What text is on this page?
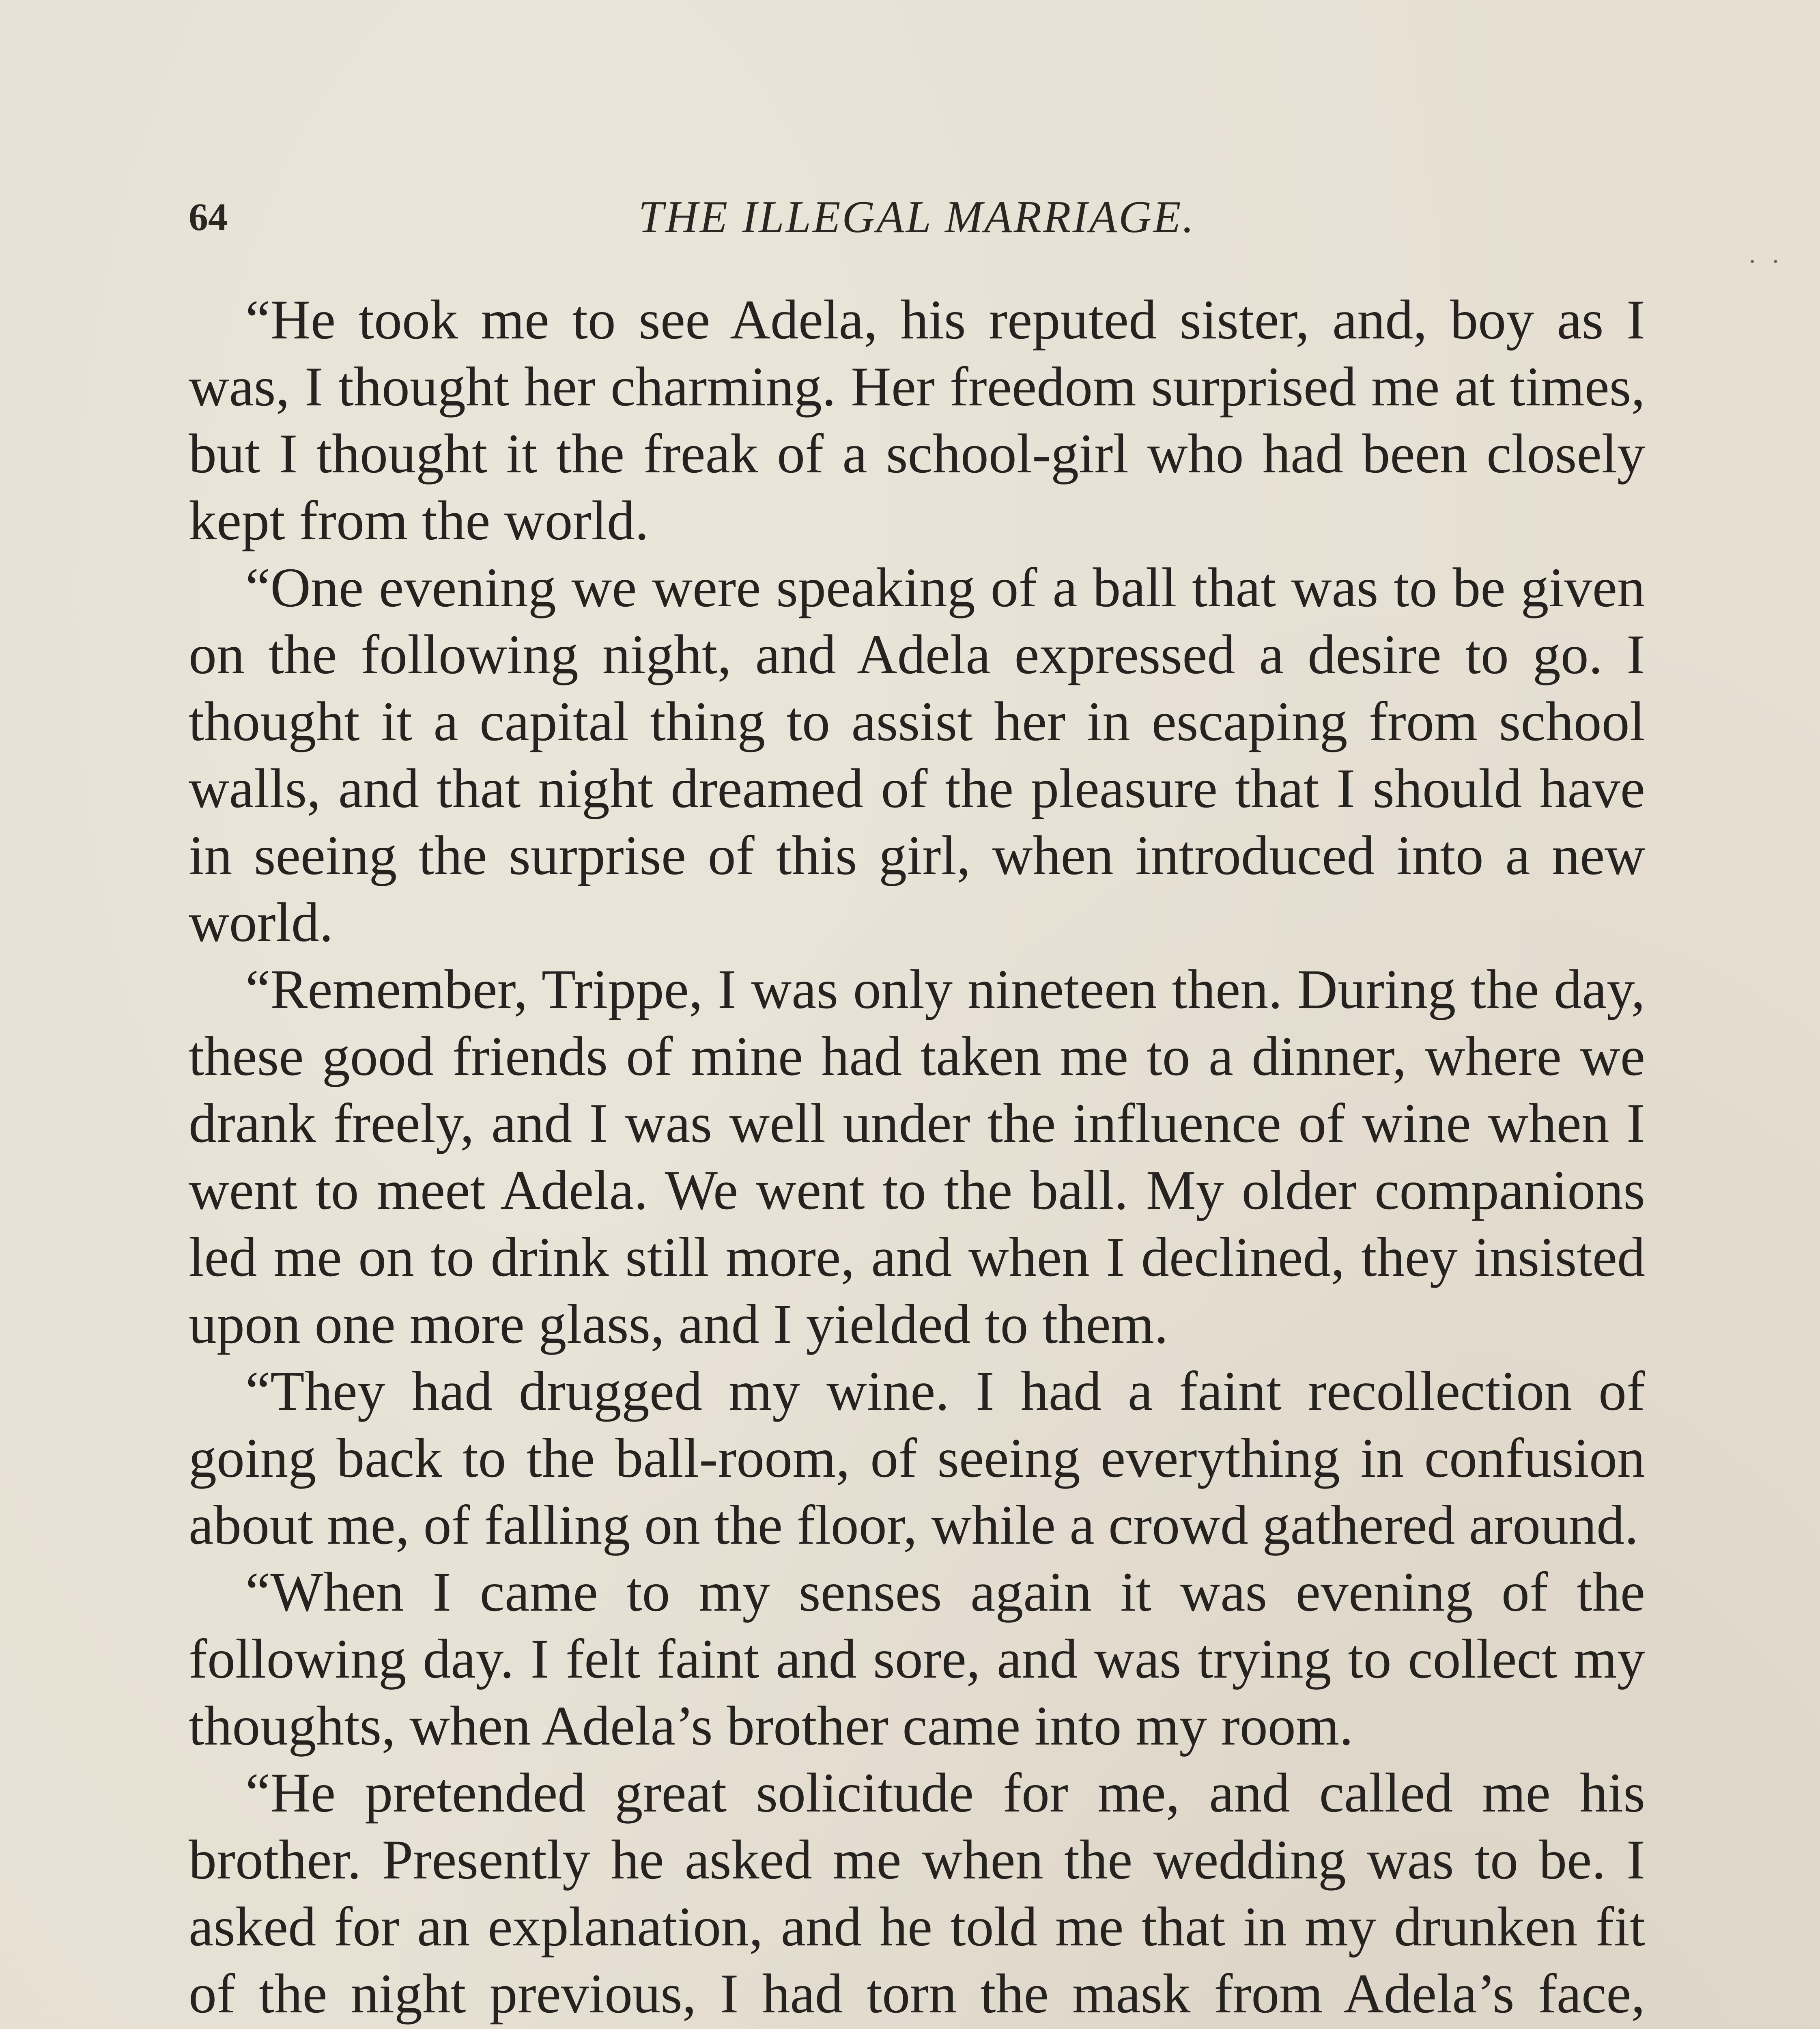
64	THE ILLEGAL MARRIAGE.
·  ·

“He took me to see Adela, his reputed sister, and, boy as I was, I thought her charming. Her freedom surprised me at times, but I thought it the freak of a school-girl who had been closely kept from the world.

“One evening we were speaking of a ball that was to be given on the following night, and Adela expressed a desire to go. I thought it a capital thing to assist her in escaping from school walls, and that night dreamed of the pleasure that I should have in seeing the surprise of this girl, when introduced into a new world.

“Remember, Trippe, I was only nineteen then. During the day, these good friends of mine had taken me to a dinner, where we drank freely, and I was well under the influence of wine when I went to meet Adela. We went to the ball. My older companions led me on to drink still more, and when I declined, they insisted upon one more glass, and I yielded to them.

“They had drugged my wine. I had a faint recollection of going back to the ball-room, of seeing everything in confusion about me, of falling on the floor, while a crowd gathered around.

“When I came to my senses again it was evening of the following day. I felt faint and sore, and was trying to collect my thoughts, when Adela’s brother came into my room.

“He pretended great solicitude for me, and called me his brother. Presently he asked me when the wedding was to be. I asked for an explanation, and he told me that in my drunken fit of the night previous, I had torn the mask from Adela’s face,
